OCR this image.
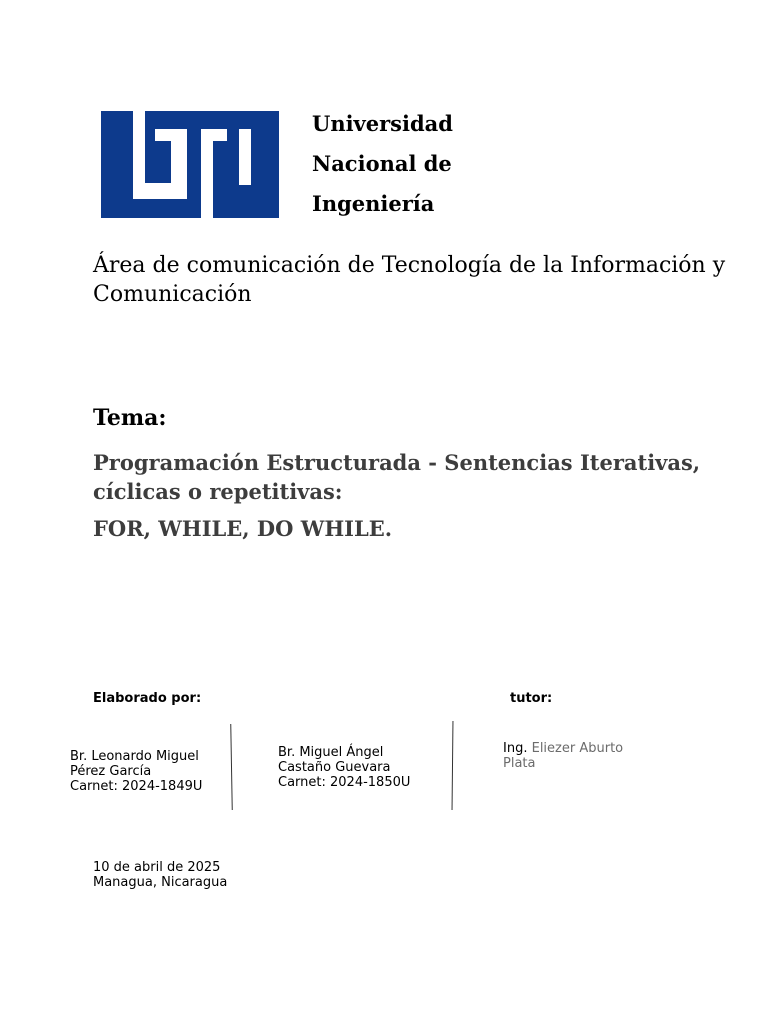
Universidad
Nacional de
Ingeniería
Área de comunicación de Tecnología de la Información y Comunicación
Tema:
Programación Estructurada - Sentencias Iterativas, cíclicas o repetitivas:
FOR, WHILE, DO WHILE.
Elaborado por:	tutor:
Br. Leonardo Miguel
Pérez García
Carnet: 2024-1849U
Br. Miguel Ángel
Castaño Guevara
Carnet: 2024-1850U
Ing. Eliezer Aburto Plata
10 de abril de 2025
Managua, Nicaragua
